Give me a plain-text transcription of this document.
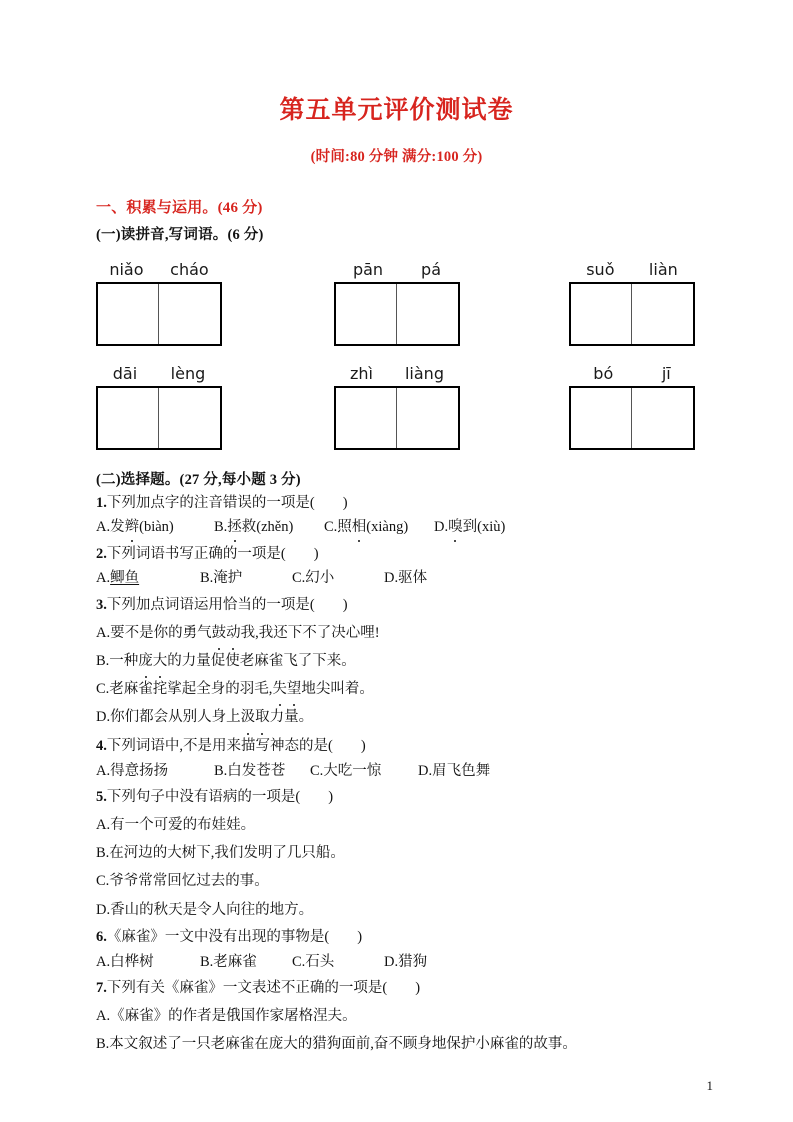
第五单元评价测试卷
(时间:80 分钟 满分:100 分)
一、积累与运用。(46 分)
(一)读拼音,写词语。(6 分)
niǎo cháo	pān pá	suǒ liàn
dāi lèng	zhì liàng	bó	jī
(二)选择题。(27 分,每小题 3 分)
1.下列加点字的注音错误的一项是( )
A.发辫(biàn)	B.拯救(zhěn)	C.照相(xiàng)	D.嗅到(xiù)
2.下列词语书写正确的一项是( )
A.鲫鱼	B.淹护	C.幻小	D.驱体
3.下列加点词语运用恰当的一项是( )
A.要不是你的勇气鼓动我,我还下不了决心哩!
B.一种庞大的力量促使老麻雀飞了下来。
C.老麻雀挓挲起全身的羽毛,失望地尖叫着。
D.你们都会从别人身上汲取力量。
4.下列词语中,不是用来描写神态的是( )
A.得意扬扬	B.白发苍苍	C.大吃一惊	D.眉飞色舞
5.下列句子中没有语病的一项是( )
A.有一个可爱的布娃娃。
B.在河边的大树下,我们发明了几只船。
C.爷爷常常回忆过去的事。
D.香山的秋天是令人向往的地方。
6.《麻雀》一文中没有出现的事物是( )
A.白桦树	B.老麻雀	C.石头	D.猎狗
7.下列有关《麻雀》一文表述不正确的一项是( )
A.《麻雀》的作者是俄国作家屠格涅夫。
B.本文叙述了一只老麻雀在庞大的猎狗面前,奋不顾身地保护小麻雀的故事。
1
